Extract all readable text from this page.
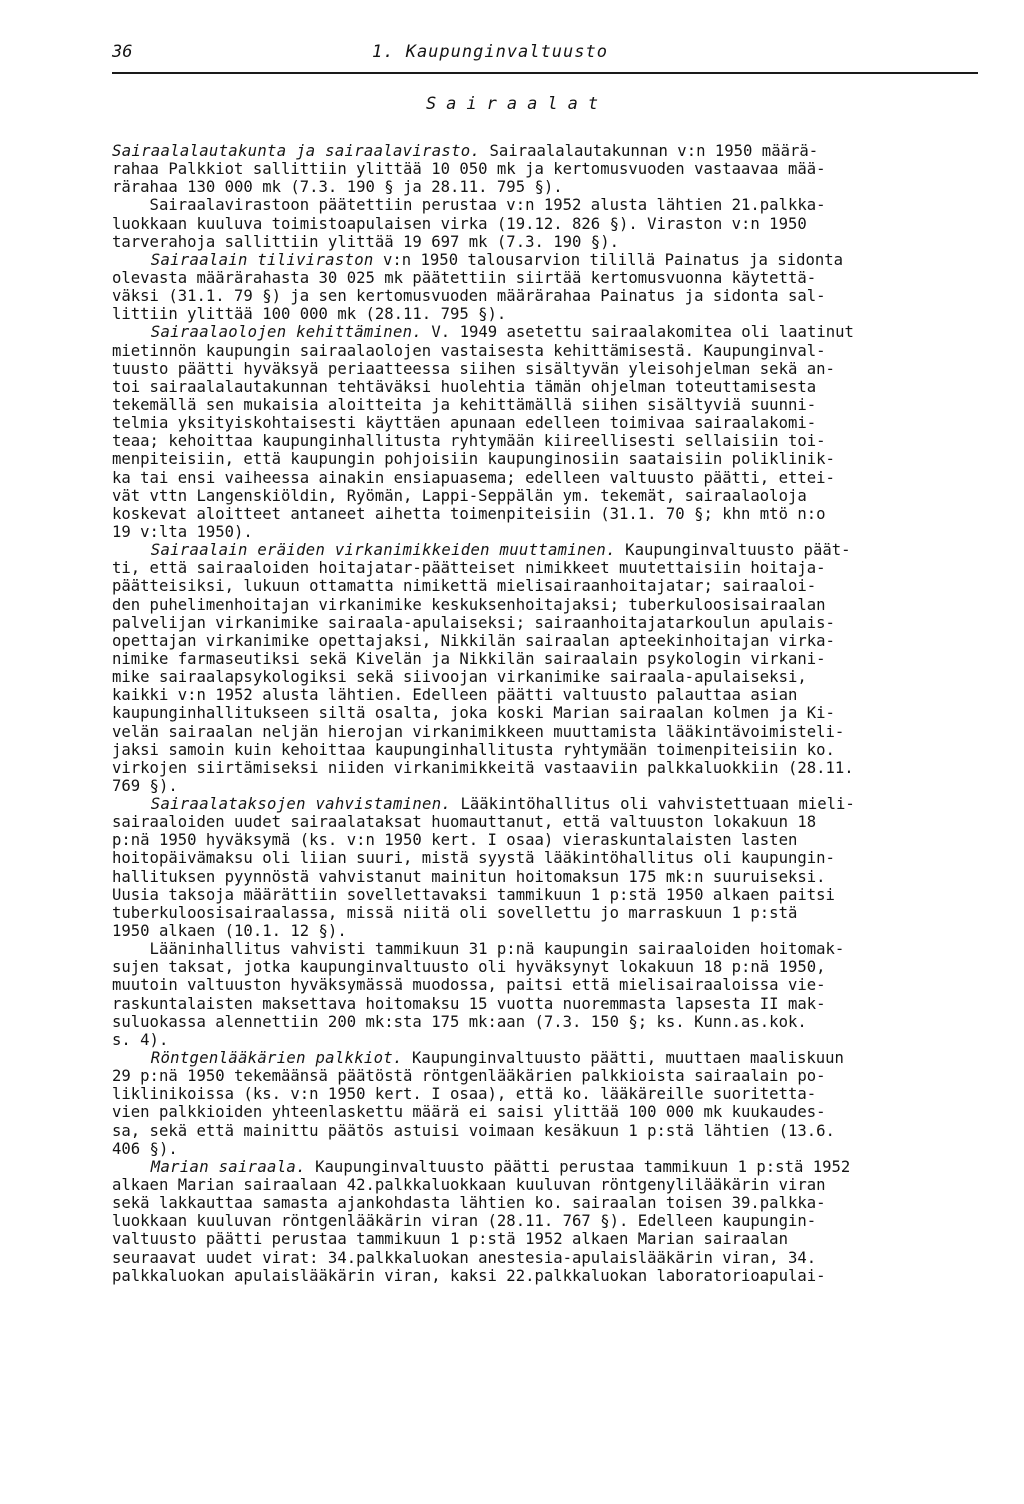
36	1. Kaupunginvaltuusto
Sairaalat
Sairaalalautakunta ja sairaalavirasto. Sairaalalautakunnan v:n 1950 määrä-
rahaa Palkkiot sallittiin ylittää 10 050 mk ja kertomusvuoden vastaavaa mää-
rärahaa 130 000 mk (7.3. 190 § ja 28.11. 795 §).
Sairaalavirastoon päätettiin perustaa v:n 1952 alusta lähtien 21.palkka-
luokkaan kuuluva toimistoapulaisen virka (19.12. 826 §). Viraston v:n 1950
tarverahoja sallittiin ylittää 19 697 mk (7.3. 190 §).
Sairaalain tiliviraston v:n 1950 talousarvion tilillä Painatus ja sidonta
olevasta määrärahasta 30 025 mk päätettiin siirtää kertomusvuonna käytettä-
väksi (31.1. 79 §) ja sen kertomusvuoden määrärahaa Painatus ja sidonta sal-
littiin ylittää 100 000 mk (28.11. 795 §).
Sairaalaolojen kehittäminen. V. 1949 asetettu sairaalakomitea oli laatinut
mietinnön kaupungin sairaalaolojen vastaisesta kehittämisestä. Kaupunginval-
tuusto päätti hyväksyä periaatteessa siihen sisältyvän yleisohjelman sekä an-
toi sairaalalautakunnan tehtäväksi huolehtia tämän ohjelman toteuttamisesta
tekemällä sen mukaisia aloitteita ja kehittämällä siihen sisältyviä suunni-
telmia yksityiskohtaisesti käyttäen apunaan edelleen toimivaa sairaalakomi-
teaa; kehoittaa kaupunginhallitusta ryhtymään kiireellisesti sellaisiin toi-
menpiteisiin, että kaupungin pohjoisiin kaupunginosiin saataisiin poliklinik-
ka tai ensi vaiheessa ainakin ensiapuasema; edelleen valtuusto päätti, ettei-
vät vttn Langenskiöldin, Ryömän, Lappi-Seppälän ym. tekemät, sairaalaoloja
koskevat aloitteet antaneet aihetta toimenpiteisiin (31.1. 70 §; khn mtö n:o
19 v:lta 1950).
Sairaalain eräiden virkanimikkeiden muuttaminen. Kaupunginvaltuusto päät-
ti, että sairaaloiden hoitajatar-päätteiset nimikkeet muutettaisiin hoitaja-
päätteisiksi, lukuun ottamatta nimikettä mielisairaanhoitajatar; sairaaloi-
den puhelimenhoitajan virkanimike keskuksenhoitajaksi; tuberkuloosisairaalan
palvelijan virkanimike sairaala-apulaiseksi; sairaanhoitajatarkoulun apulais-
opettajan virkanimike opettajaksi, Nikkilän sairaalan apteekinhoitajan virka-
nimike farmaseutiksi sekä Kivelän ja Nikkilän sairaalain psykologin virkani-
mike sairaalapsykologiksi sekä siivoojan virkanimike sairaala-apulaiseksi,
kaikki v:n 1952 alusta lähtien. Edelleen päätti valtuusto palauttaa asian
kaupunginhallitukseen siltä osalta, joka koski Marian sairaalan kolmen ja Ki-
velän sairaalan neljän hierojan virkanimikkeen muuttamista lääkintävoimisteli-
jaksi samoin kuin kehoittaa kaupunginhallitusta ryhtymään toimenpiteisiin ko.
virkojen siirtämiseksi niiden virkanimikkeitä vastaaviin palkkaluokkiin (28.11.
769 §).
Sairaalataksojen vahvistaminen. Lääkintöhallitus oli vahvistettuaan mieli-
sairaaloiden uudet sairaalataksat huomauttanut, että valtuuston lokakuun 18
p:nä 1950 hyväksymä (ks. v:n 1950 kert. I osaa) vieraskuntalaisten lasten
hoitopäivämaksu oli liian suuri, mistä syystä lääkintöhallitus oli kaupungin-
hallituksen pyynnöstä vahvistanut mainitun hoitomaksun 175 mk:n suuruiseksi.
Uusia taksoja määrättiin sovellettavaksi tammikuun 1 p:stä 1950 alkaen paitsi
tuberkuloosisairaalassa, missä niitä oli sovellettu jo marraskuun 1 p:stä
1950 alkaen (10.1. 12 §).
Lääninhallitus vahvisti tammikuun 31 p:nä kaupungin sairaaloiden hoitomak-
sujen taksat, jotka kaupunginvaltuusto oli hyväksynyt lokakuun 18 p:nä 1950,
muutoin valtuuston hyväksymässä muodossa, paitsi että mielisairaaloissa vie-
raskuntalaisten maksettava hoitomaksu 15 vuotta nuoremmasta lapsesta II mak-
suluokassa alennettiin 200 mk:sta 175 mk:aan (7.3. 150 §; ks. Kunn.as.kok.
s. 4).
Röntgenlääkärien palkkiot. Kaupunginvaltuusto päätti, muuttaen maaliskuun
29 p:nä 1950 tekemäänsä päätöstä röntgenlääkärien palkkioista sairaalain po-
liklinikoissa (ks. v:n 1950 kert. I osaa), että ko. lääkäreille suoritetta-
vien palkkioiden yhteenlaskettu määrä ei saisi ylittää 100 000 mk kuukaudes-
sa, sekä että mainittu päätös astuisi voimaan kesäkuun 1 p:stä lähtien (13.6.
406 §).
Marian sairaala. Kaupunginvaltuusto päätti perustaa tammikuun 1 p:stä 1952
alkaen Marian sairaalaan 42.palkkaluokkaan kuuluvan röntgenylilääkärin viran
sekä lakkauttaa samasta ajankohdasta lähtien ko. sairaalan toisen 39.palkka-
luokkaan kuuluvan röntgenlääkärin viran (28.11. 767 §). Edelleen kaupungin-
valtuusto päätti perustaa tammikuun 1 p:stä 1952 alkaen Marian sairaalan
seuraavat uudet virat: 34.palkkaluokan anestesia-apulaislääkärin viran, 34.
palkkaluokan apulaislääkärin viran, kaksi 22.palkkaluokan laboratorioapulai-
